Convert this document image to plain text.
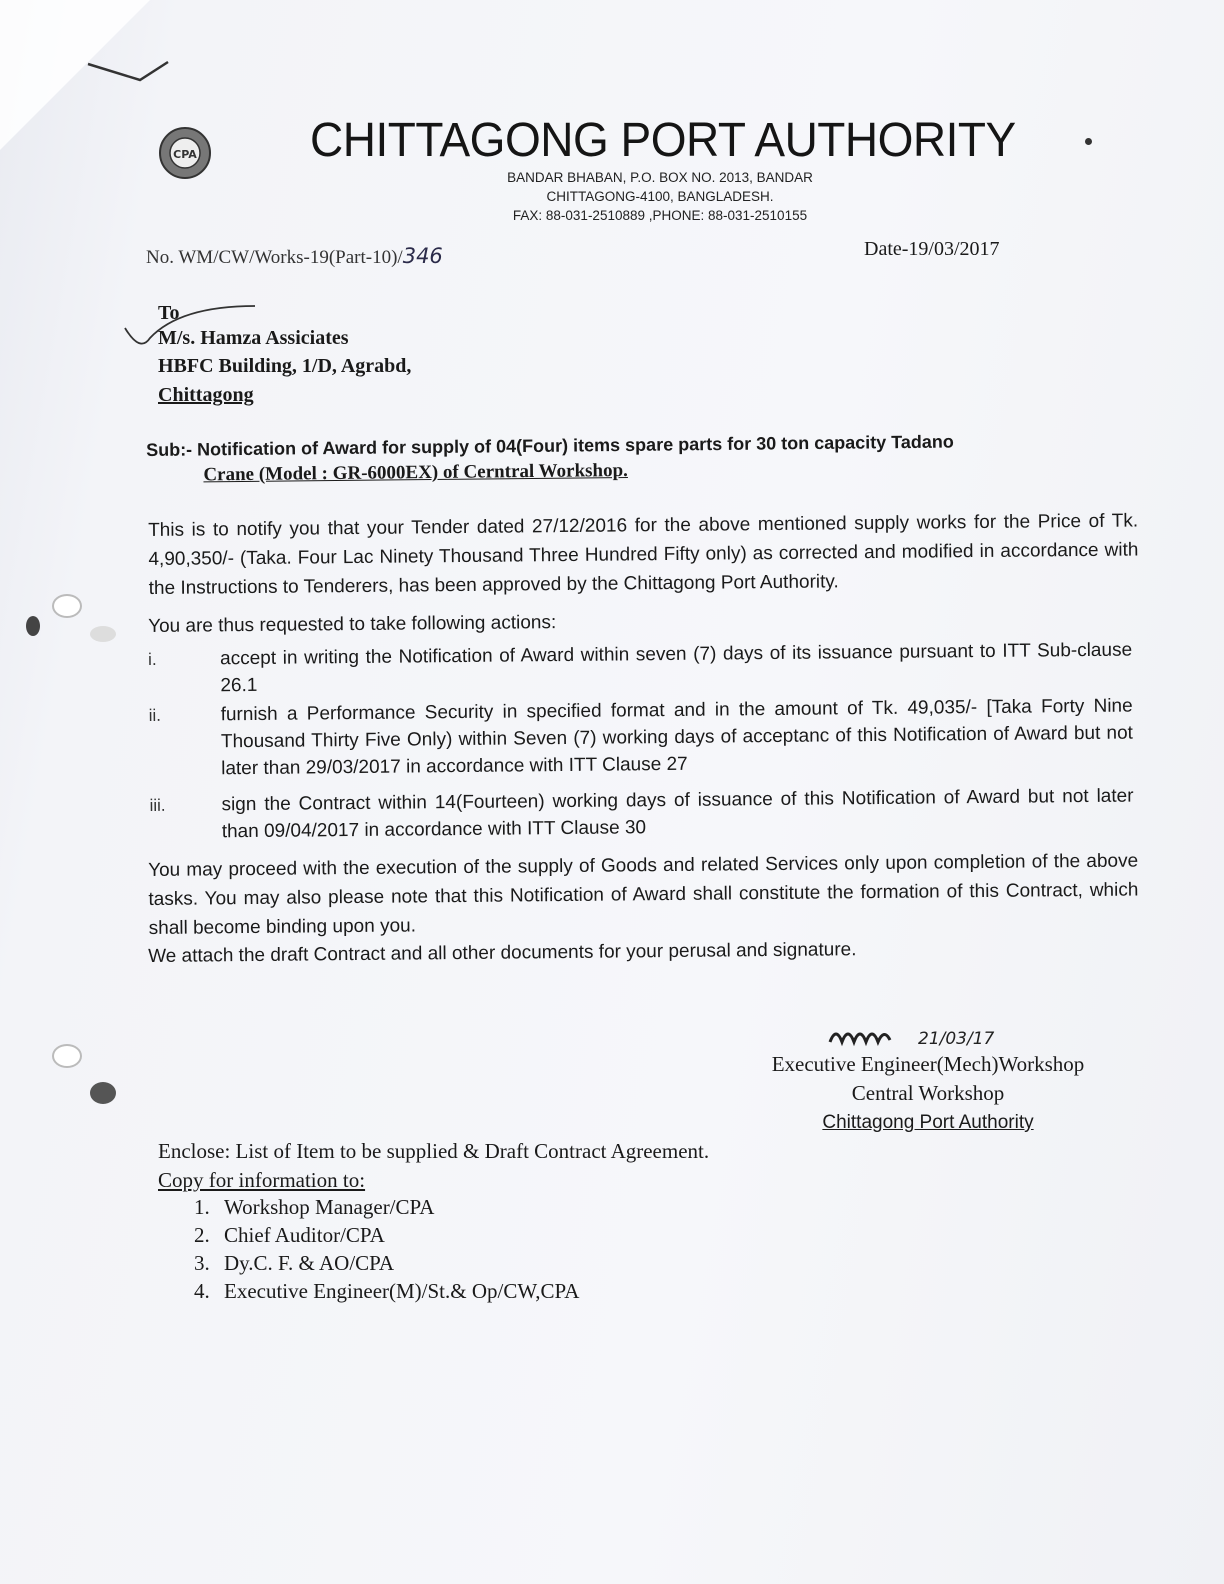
CPA CHITTAGONG PORT AUTHORITY
BANDAR BHABAN, P.O. BOX NO. 2013, BANDAR
CHITTAGONG-4100, BANGLADESH.
FAX: 88-031-2510889 ,PHONE: 88-031-2510155
No. WM/CW/Works-19(Part-10)/346	Date-19/03/2017
To
M/s. Hamza Assiciates
HBFC Building, 1/D, Agrabd,
Chittagong
Sub:- Notification of Award for supply of 04(Four) items spare parts for 30 ton capacity Tadano
Crane (Model : GR-6000EX) of Cerntral Workshop.
This is to notify you that your Tender dated 27/12/2016 for the above mentioned supply works for the Price of Tk. 4,90,350/- (Taka. Four Lac Ninety Thousand Three Hundred Fifty only) as corrected and modified in accordance with the Instructions to Tenderers, has been approved by the Chittagong Port Authority.
You are thus requested to take following actions:
i.	accept in writing the Notification of Award within seven (7) days of its issuance pursuant to ITT Sub-clause 26.1
ii.	furnish a Performance Security in specified format and in the amount of Tk. 49,035/- [Taka Forty Nine Thousand Thirty Five Only) within Seven (7) working days of acceptanc of this Notification of Award but not later than 29/03/2017 in accordance with ITT Clause 27
iii.	sign the Contract within 14(Fourteen) working days of issuance of this Notification of Award but not later than 09/04/2017 in accordance with ITT Clause 30
You may proceed with the execution of the supply of Goods and related Services only upon completion of the above tasks. You may also please note that this Notification of Award shall constitute the formation of this Contract, which shall become binding upon you.
We attach the draft Contract and all other documents for your perusal and signature.
21/03/17
Executive Engineer(Mech)Workshop
Central Workshop
Chittagong Port Authority
Enclose: List of Item to be supplied & Draft Contract Agreement.
Copy for information to:
1. Workshop Manager/CPA
2. Chief Auditor/CPA
3. Dy.C. F. & AO/CPA
4. Executive Engineer(M)/St.& Op/CW,CPA
